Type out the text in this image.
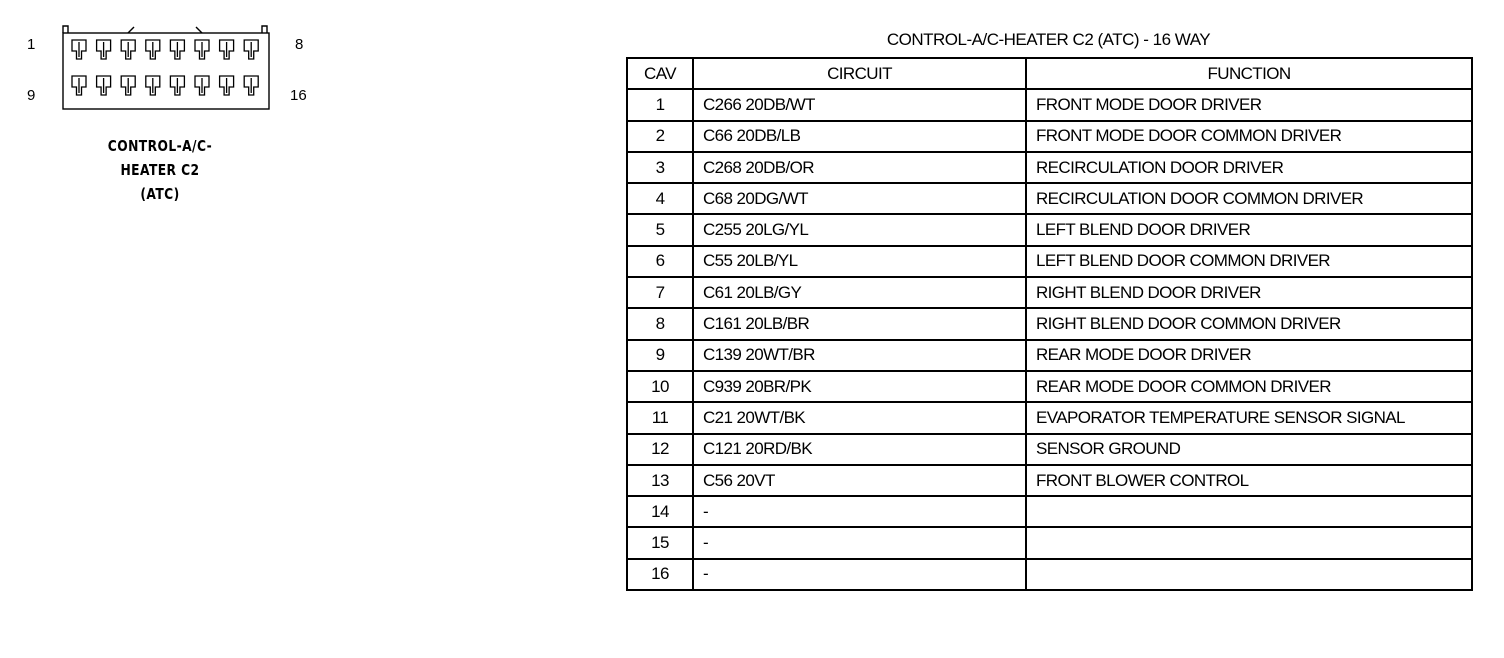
1	8
9	16
CONTROL-A/C-
HEATER C2
(ATC)
CONTROL-A/C-HEATER C2 (ATC) - 16 WAY
CAV	CIRCUIT	FUNCTION
1	C266 20DB/WT	FRONT MODE DOOR DRIVER
2	C66 20DB/LB	FRONT MODE DOOR COMMON DRIVER
3	C268 20DB/OR	RECIRCULATION DOOR DRIVER
4	C68 20DG/WT	RECIRCULATION DOOR COMMON DRIVER
5	C255 20LG/YL	LEFT BLEND DOOR DRIVER
6	C55 20LB/YL	LEFT BLEND DOOR COMMON DRIVER
7	C61 20LB/GY	RIGHT BLEND DOOR DRIVER
8	C161 20LB/BR	RIGHT BLEND DOOR COMMON DRIVER
9	C139 20WT/BR	REAR MODE DOOR DRIVER
10	C939 20BR/PK	REAR MODE DOOR COMMON DRIVER
11	C21 20WT/BK	EVAPORATOR TEMPERATURE SENSOR SIGNAL
12	C121 20RD/BK	SENSOR GROUND
13	C56 20VT	FRONT BLOWER CONTROL
14	-	
15	-	
16	-	
